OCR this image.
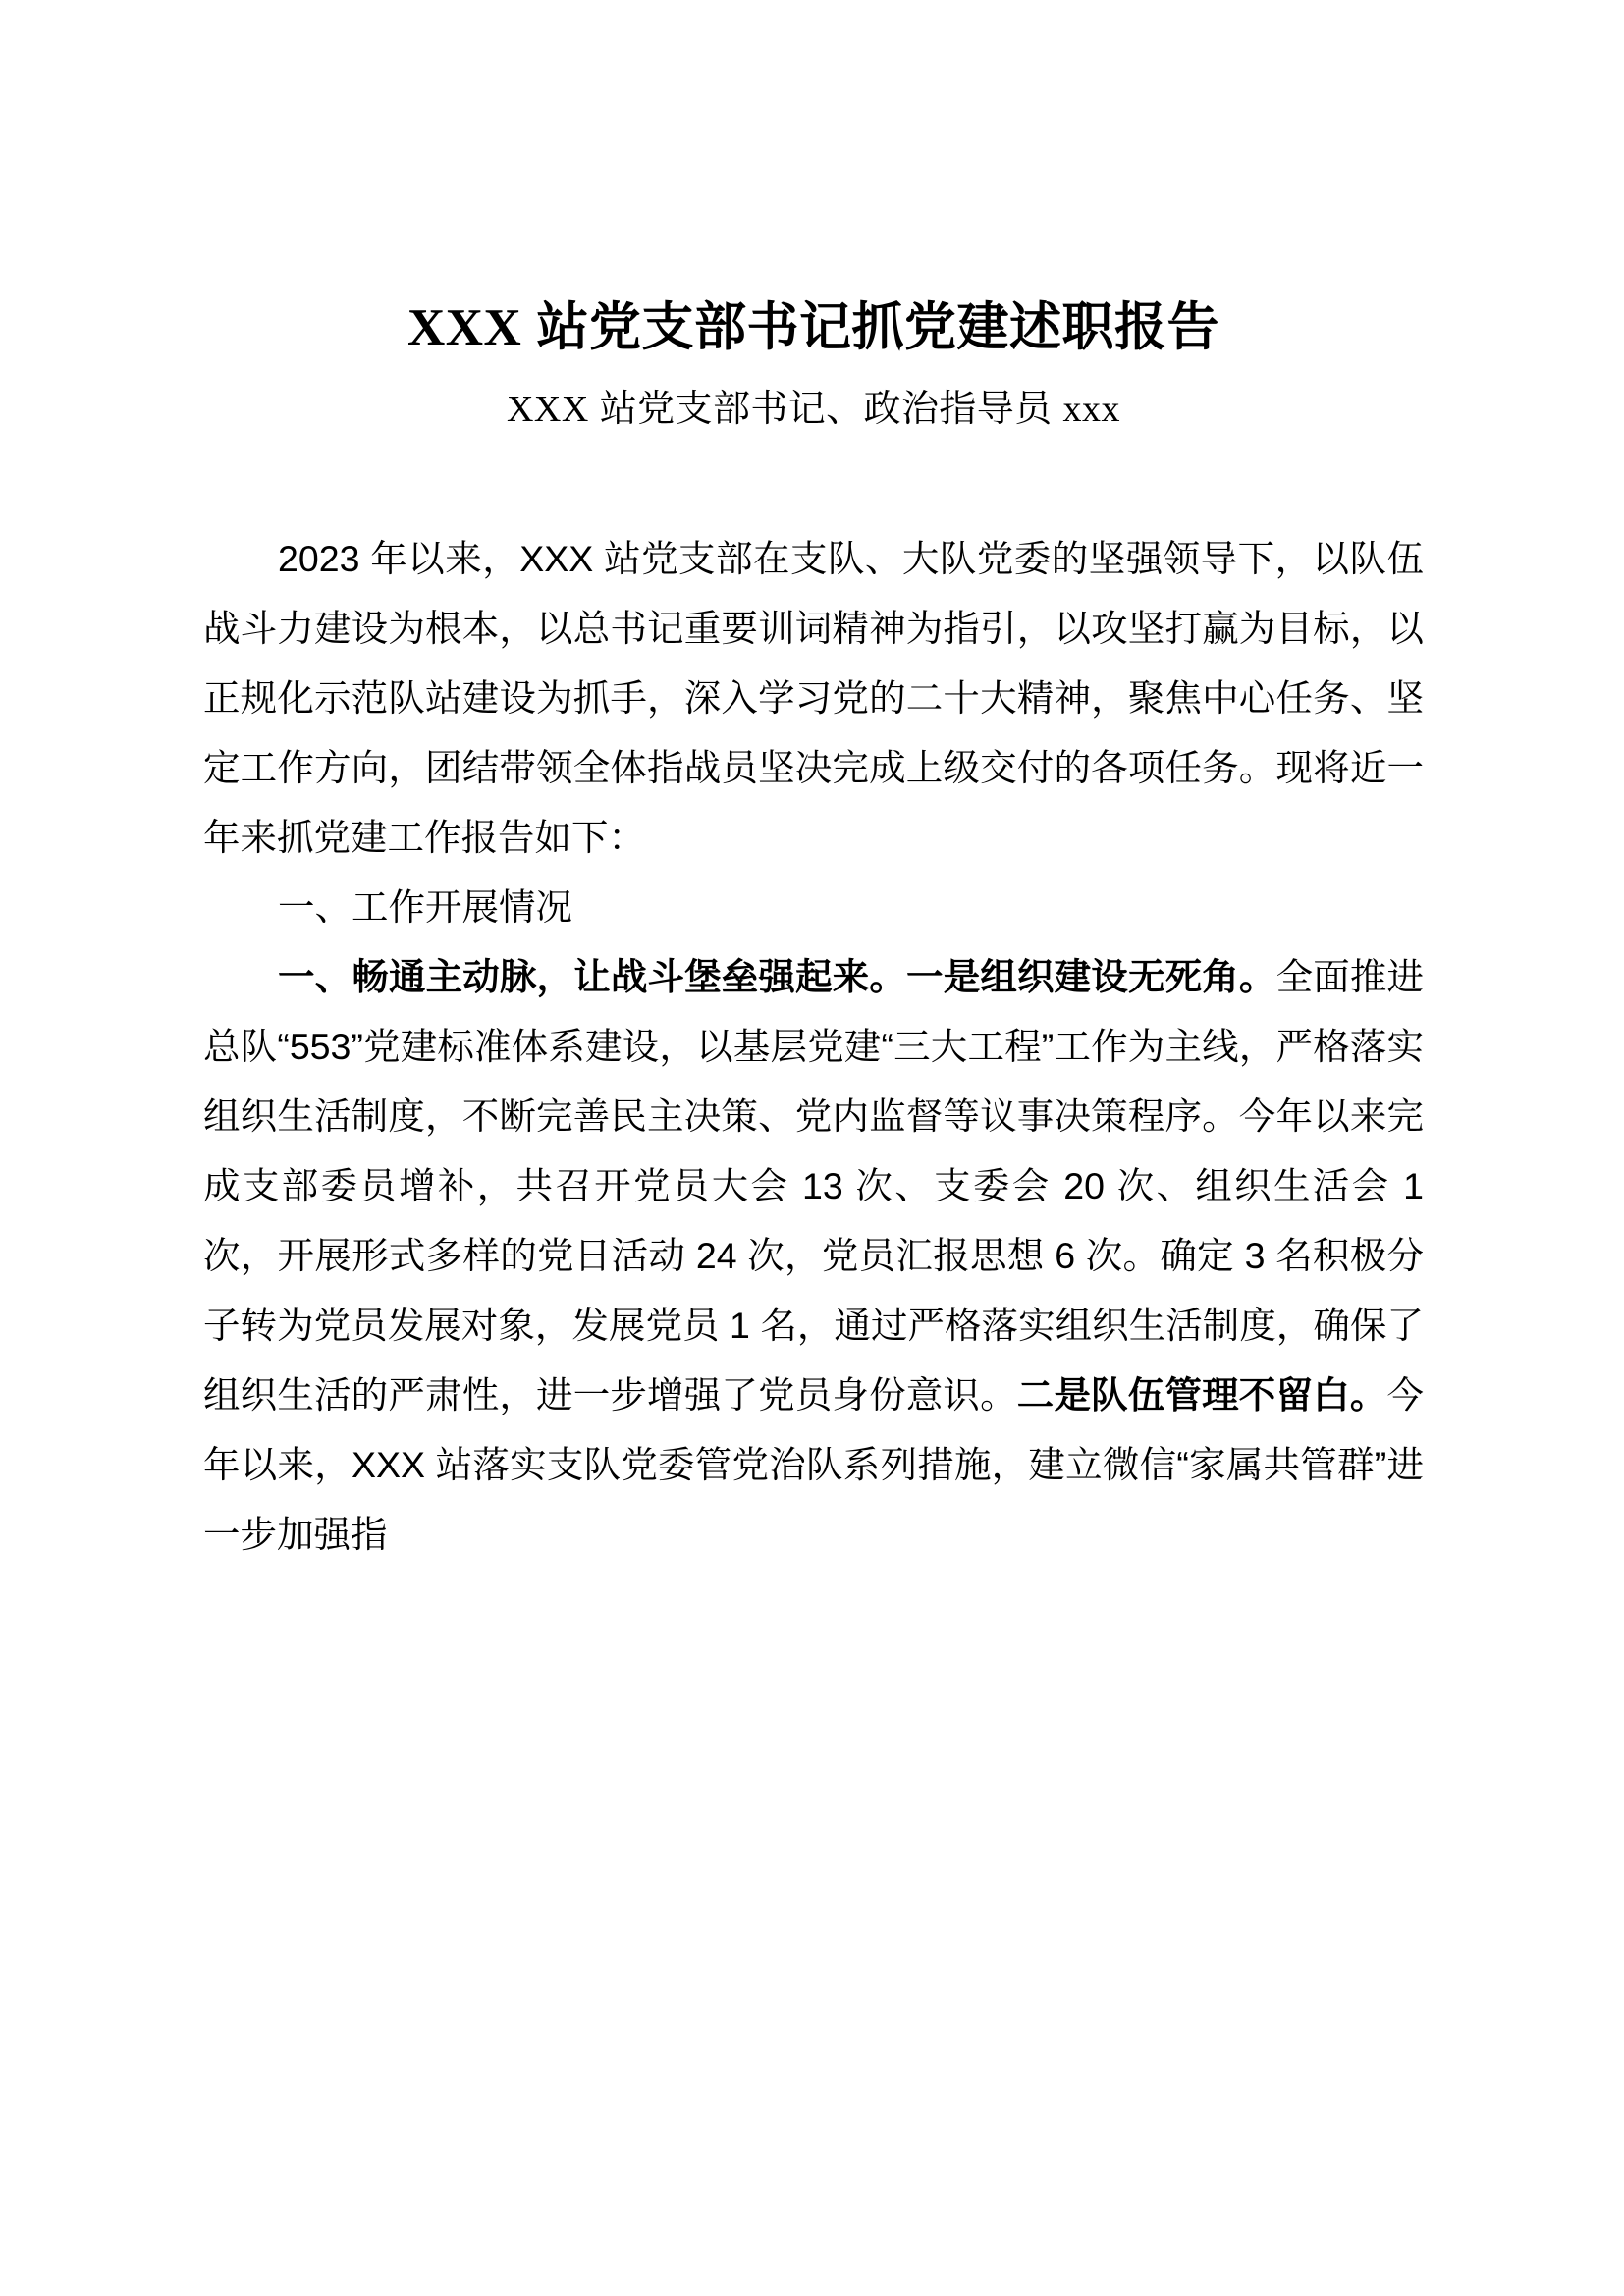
XXX 站党支部书记抓党建述职报告
XXX 站党支部书记、政治指导员 xxx

2023 年以来，XXX 站党支部在支队、大队党委的坚强领导下，以队伍战斗力建设为根本，以总书记重要训词精神为指引，以攻坚打赢为目标，以正规化示范队站建设为抓手，深入学习党的二十大精神，聚焦中心任务、坚定工作方向，团结带领全体指战员坚决完成上级交付的各项任务。现将近一年来抓党建工作报告如下：

一、工作开展情况

一、畅通主动脉，让战斗堡垒强起来。一是组织建设无死角。全面推进总队“553”党建标准体系建设，以基层党建“三大工程”工作为主线，严格落实组织生活制度，不断完善民主决策、党内监督等议事决策程序。今年以来完成支部委员增补，共召开党员大会 13 次、支委会 20 次、组织生活会 1 次，开展形式多样的党日活动 24 次，党员汇报思想 6 次。确定 3 名积极分子转为党员发展对象，发展党员 1 名，通过严格落实组织生活制度，确保了组织生活的严肃性，进一步增强了党员身份意识。二是队伍管理不留白。今年以来，XXX 站落实支队党委管党治队系列措施，建立微信“家属共管群”进一步加强指
